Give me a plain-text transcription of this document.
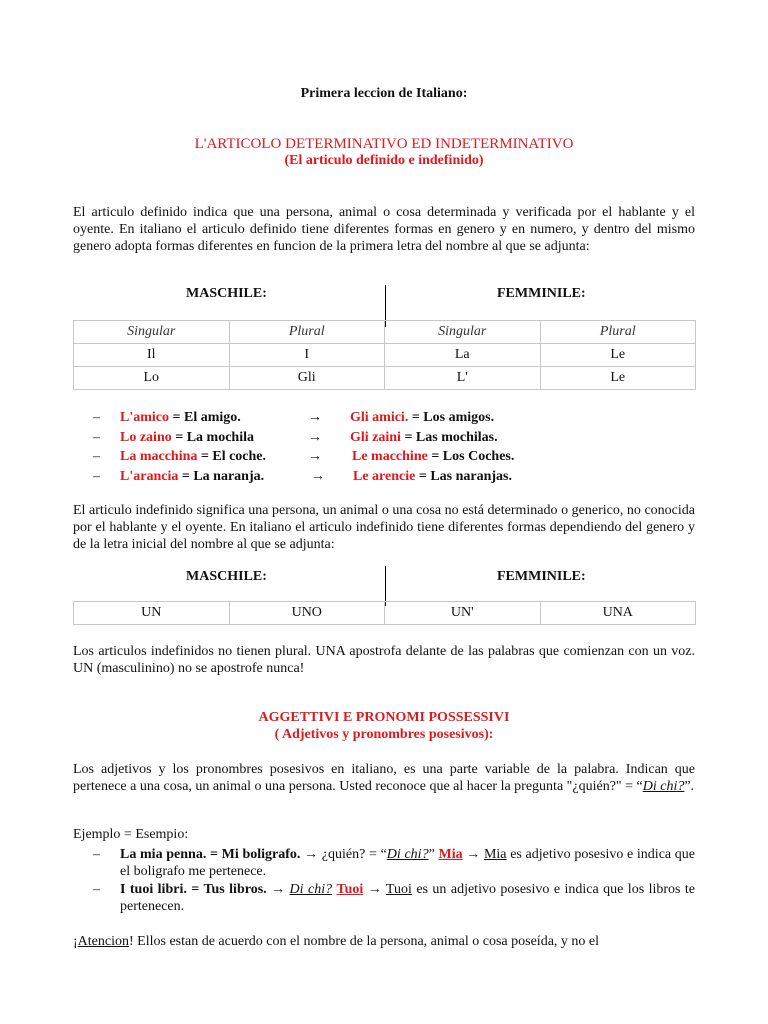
Primera leccion de Italiano:
L'ARTICOLO DETERMINATIVO ED INDETERMINATIVO
(El articulo definido e indefinido)
El articulo definido indica que una persona, animal o cosa determinada y verificada por el hablante y el oyente. En italiano el articulo definido tiene diferentes formas en genero y en numero, y dentro del mismo genero adopta formas diferentes en funcion de la primera letra del nombre al que se adjunta:
MASCHILE:	FEMMINILE:
Singular	Plural	Singular	Plural
Il	I	La	Le
Lo	Gli	L'	Le
– L'amico = El amigo.	→ Gli amici. = Los amigos.
– Lo zaino = La mochila	→ Gli zaini = Las mochilas.
– La macchina = El coche.	→ Le macchine = Los Coches.
– L'arancia = La naranja.	→ Le arencie = Las naranjas.
El articulo indefinido significa una persona, un animal o una cosa no está determinado o generico, no conocida por el hablante y el oyente. En italiano el articulo indefinido tiene diferentes formas dependiendo del genero y de la letra inicial del nombre al que se adjunta:
MASCHILE:	FEMMINILE:
UN	UNO	UN'	UNA
Los articulos indefinidos no tienen plural. UNA apostrofa delante de las palabras que comienzan con un voz. UN (masculinino) no se apostrofe nunca!
AGGETTIVI E PRONOMI POSSESSIVI
( Adjetivos y pronombres posesivos):
Los adjetivos y los pronombres posesivos en italiano, es una parte variable de la palabra. Indican que pertenece a una cosa, un animal o una persona. Usted reconoce que al hacer la pregunta "¿quién?" = “Di chi?”.
Ejemplo = Esempio:
– La mia penna. = Mi boligrafo. → ¿quién? = “Di chi?” Mia → Mia es adjetivo posesivo e indica que el boligrafo me pertenece.
– I tuoi libri. = Tus libros. → Di chi? Tuoi → Tuoi es un adjetivo posesivo e indica que los libros te pertenecen.
¡Atencion! Ellos estan de acuerdo con el nombre de la persona, animal o cosa poseída, y no el
